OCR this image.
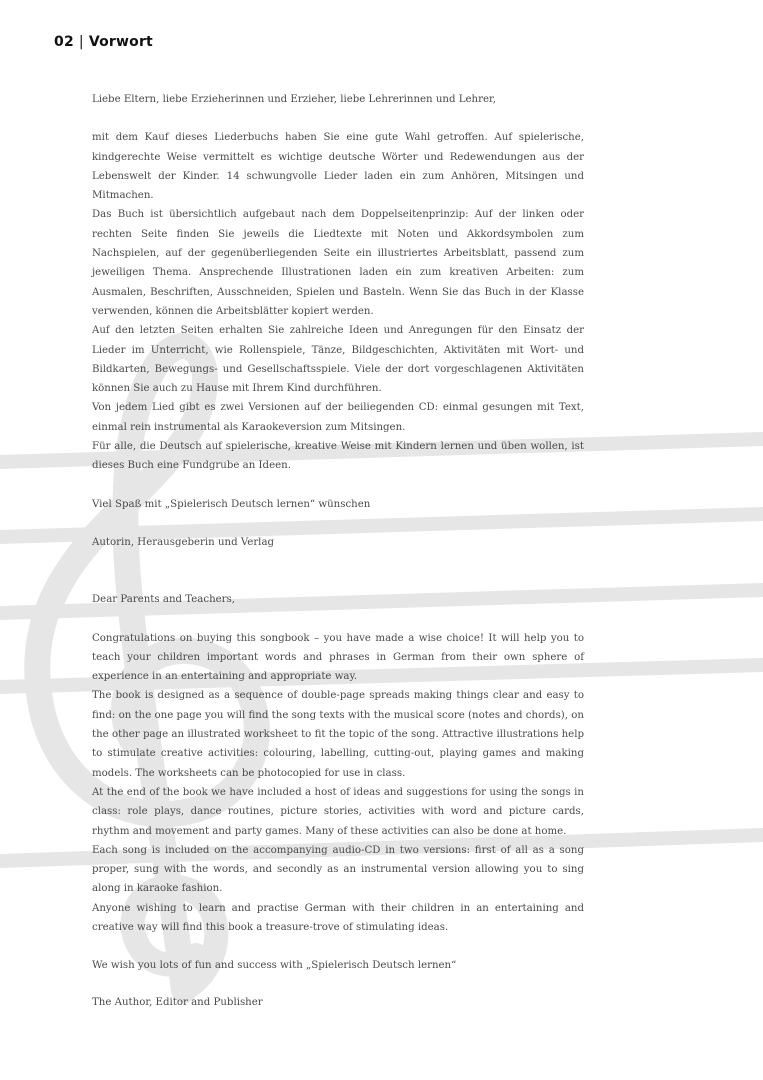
02 | Vorwort

Liebe Eltern, liebe Erzieherinnen und Erzieher, liebe Lehrerinnen und Lehrer,

mit dem Kauf dieses Liederbuchs haben Sie eine gute Wahl getroffen. Auf spielerische, kindgerechte Weise vermittelt es wichtige deutsche Wörter und Redewendungen aus der Lebenswelt der Kinder. 14 schwungvolle Lieder laden ein zum Anhören, Mitsingen und Mitmachen.

Das Buch ist übersichtlich aufgebaut nach dem Doppelseitenprinzip: Auf der linken oder rechten Seite finden Sie jeweils die Liedtexte mit Noten und Akkordsymbolen zum Nachspielen, auf der gegenüberliegenden Seite ein illustriertes Arbeitsblatt, passend zum jeweiligen Thema. Ansprechende Illustrationen laden ein zum kreativen Arbeiten: zum Ausmalen, Beschriften, Ausschneiden, Spielen und Basteln. Wenn Sie das Buch in der Klasse verwenden, können die Arbeitsblätter kopiert werden.

Auf den letzten Seiten erhalten Sie zahlreiche Ideen und Anregungen für den Einsatz der Lieder im Unterricht, wie Rollenspiele, Tänze, Bildgeschichten, Aktivitäten mit Wort- und Bildkarten, Bewegungs- und Gesellschaftsspiele. Viele der dort vorgeschlagenen Aktivitäten können Sie auch zu Hause mit Ihrem Kind durchführen.

Von jedem Lied gibt es zwei Versionen auf der beiliegenden CD: einmal gesungen mit Text, einmal rein instrumental als Karaokeversion zum Mitsingen.

Für alle, die Deutsch auf spielerische, kreative Weise mit Kindern lernen und üben wollen, ist dieses Buch eine Fundgrube an Ideen.

Viel Spaß mit „Spielerisch Deutsch lernen“ wünschen

Autorin, Herausgeberin und Verlag

Dear Parents and Teachers,

Congratulations on buying this songbook – you have made a wise choice! It will help you to teach your children important words and phrases in German from their own sphere of experience in an entertaining and appropriate way.

The book is designed as a sequence of double-page spreads making things clear and easy to find: on the one page you will find the song texts with the musical score (notes and chords), on the other page an illustrated worksheet to fit the topic of the song. Attractive illustrations help to stimulate creative activities: colouring, labelling, cutting-out, playing games and making models. The worksheets can be photocopied for use in class.

At the end of the book we have included a host of ideas and suggestions for using the songs in class: role plays, dance routines, picture stories, activities with word and picture cards, rhythm and movement and party games. Many of these activities can also be done at home.

Each song is included on the accompanying audio-CD in two versions: first of all as a song proper, sung with the words, and secondly as an instrumental version allowing you to sing along in karaoke fashion.

Anyone wishing to learn and practise German with their children in an entertaining and creative way will find this book a treasure-trove of stimulating ideas.

We wish you lots of fun and success with „Spielerisch Deutsch lernen“

The Author, Editor and Publisher
